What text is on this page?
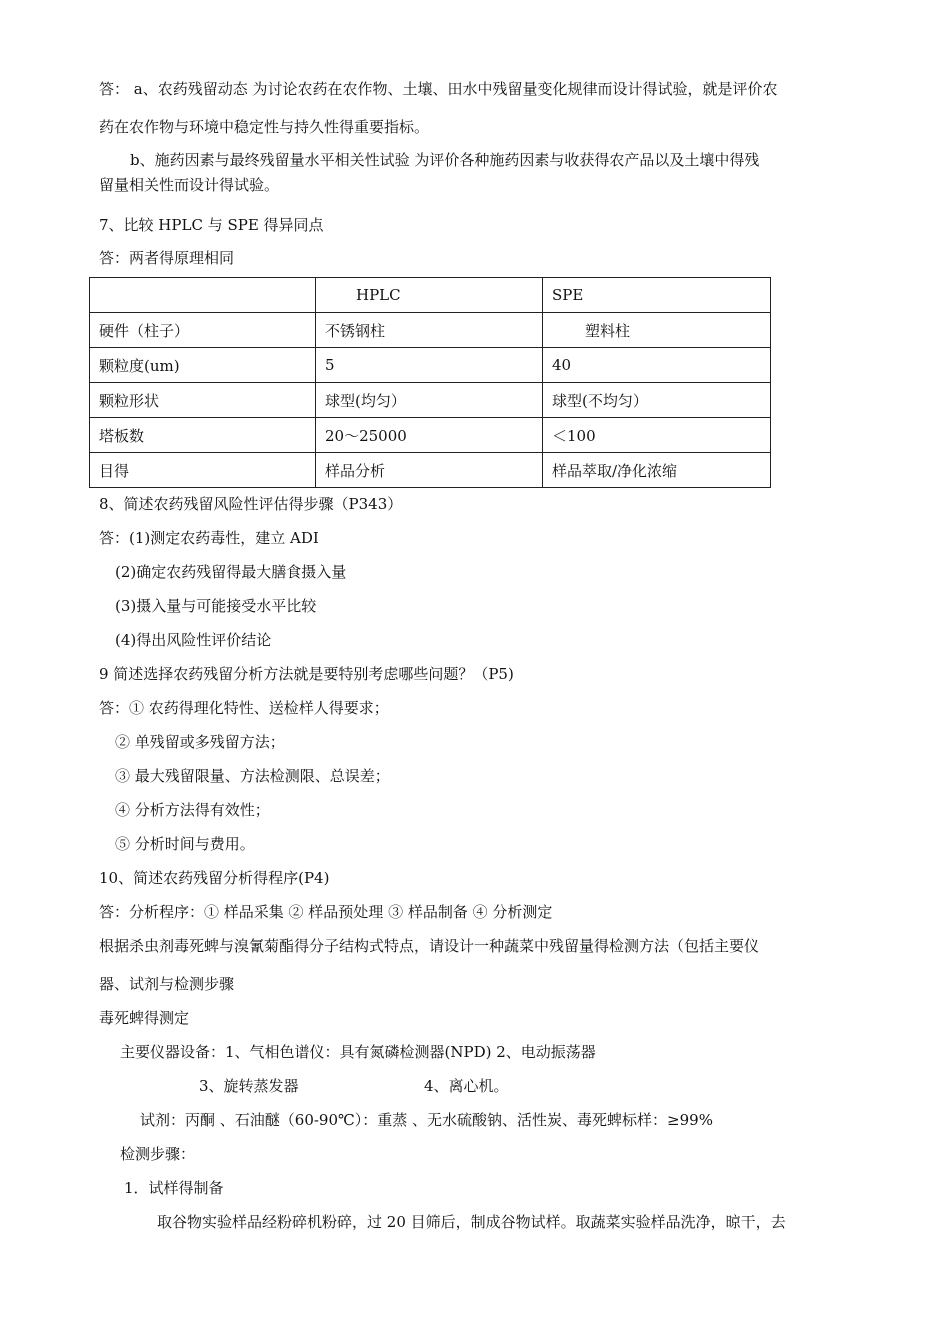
答： a、农药残留动态 为讨论农药在农作物、土壤、田水中残留量变化规律而设计得试验，就是评价农
药在农作物与环境中稳定性与持久性得重要指标。
b、施药因素与最终残留量水平相关性试验 为评价各种施药因素与收获得农产品以及土壤中得残
留量相关性而设计得试验。
7、比较 HPLC 与 SPE 得异同点
答：两者得原理相同
	HPLC	SPE
硬件（柱子）	不锈钢柱	塑料柱
颗粒度(um)	5	40
颗粒形状	球型(均匀）	球型(不均匀）
塔板数	20～25000	＜100
目得	样品分析	样品萃取/净化浓缩
8、简述农药残留风险性评估得步骤（P343）
答：(1)测定农药毒性，建立 ADI
(2)确定农药残留得最大膳食摄入量
(3)摄入量与可能接受水平比较
(4)得出风险性评价结论
9 简述选择农药残留分析方法就是要特别考虑哪些问题？（P5)
答：① 农药得理化特性、送检样人得要求；
② 单残留或多残留方法；
③ 最大残留限量、方法检测限、总误差；
④ 分析方法得有效性；
⑤ 分析时间与费用。
10、简述农药残留分析得程序(P4)
答：分析程序：① 样品采集 ② 样品预处理 ③ 样品制备 ④ 分析测定
根据杀虫剂毒死蜱与溴氰菊酯得分子结构式特点，请设计一种蔬菜中残留量得检测方法（包括主要仪
器、试剂与检测步骤
毒死蜱得测定
主要仪器设备：1、气相色谱仪：具有氮磷检测器(NPD) 2、电动振荡器
3、旋转蒸发器	4、离心机。
试剂：丙酮 、石油醚（60-90℃）：重蒸 、无水硫酸钠、活性炭、毒死蜱标样：≥99%
检测步骤：
1．试样得制备
取谷物实验样品经粉碎机粉碎，过 20 目筛后，制成谷物试样。取蔬菜实验样品洗净，晾干，去
